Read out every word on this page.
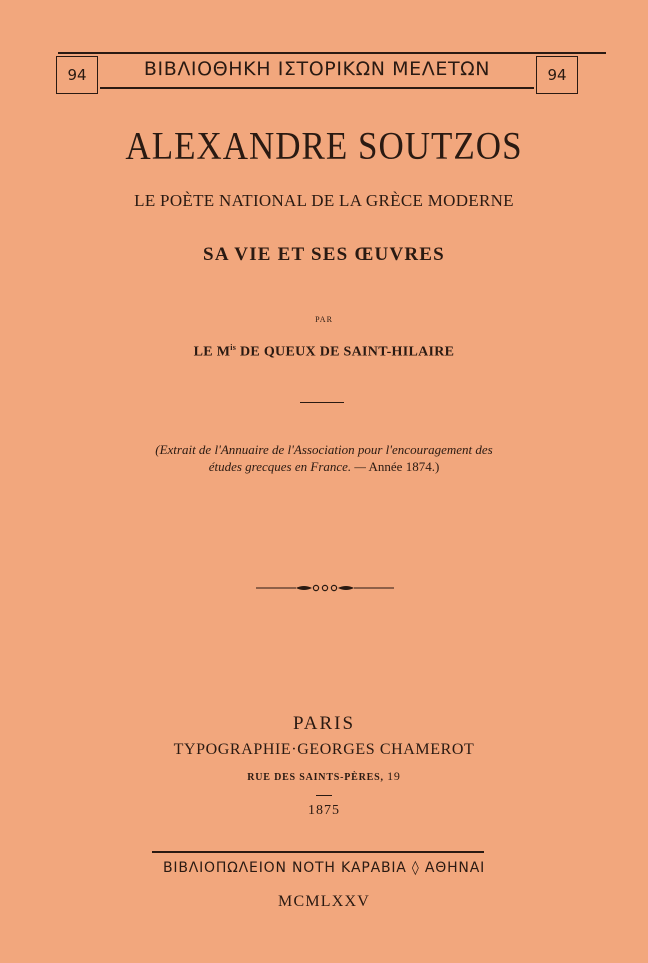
94	ΒΙΒΛΙΟΘΗΚΗ ΙΣΤΟΡΙΚΩΝ ΜΕΛΕΤΩΝ	94
ALEXANDRE SOUTZOS
LE POÈTE NATIONAL DE LA GRÈCE MODERNE
SA VIE ET SES ŒUVRES
PAR
LE $M^{is}$ DE QUEUX DE SAINT-HILAIRE
(Extrait de l'Annuaire de l'Association pour l'encouragement des
études grecques en France. — Année 1874.)
PARIS
TYPOGRAPHIE·GEORGES CHAMEROT
RUE DES SAINTS-PÈRES, 19
1875
ΒΙΒΛΙΟΠΩΛΕΙΟΝ ΝΟΤΗ ΚΑΡΑΒΙΑ ◊ ΑΘΗΝΑΙ
MCMLXXV
